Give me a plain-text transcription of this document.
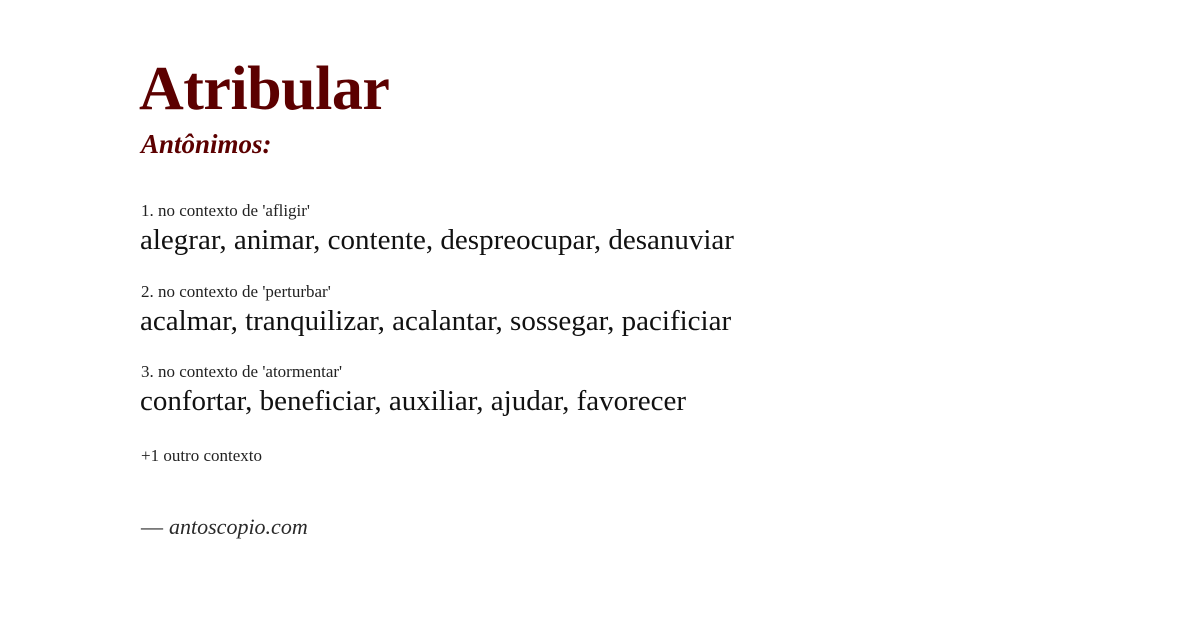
Atribular
Antônimos:
1. no contexto de 'afligir'
alegrar, animar, contente, despreocupar, desanuviar
2. no contexto de 'perturbar'
acalmar, tranquilizar, acalantar, sossegar, pacificiar
3. no contexto de 'atormentar'
confortar, beneficiar, auxiliar, ajudar, favorecer
+1 outro contexto
— antoscopio.com
